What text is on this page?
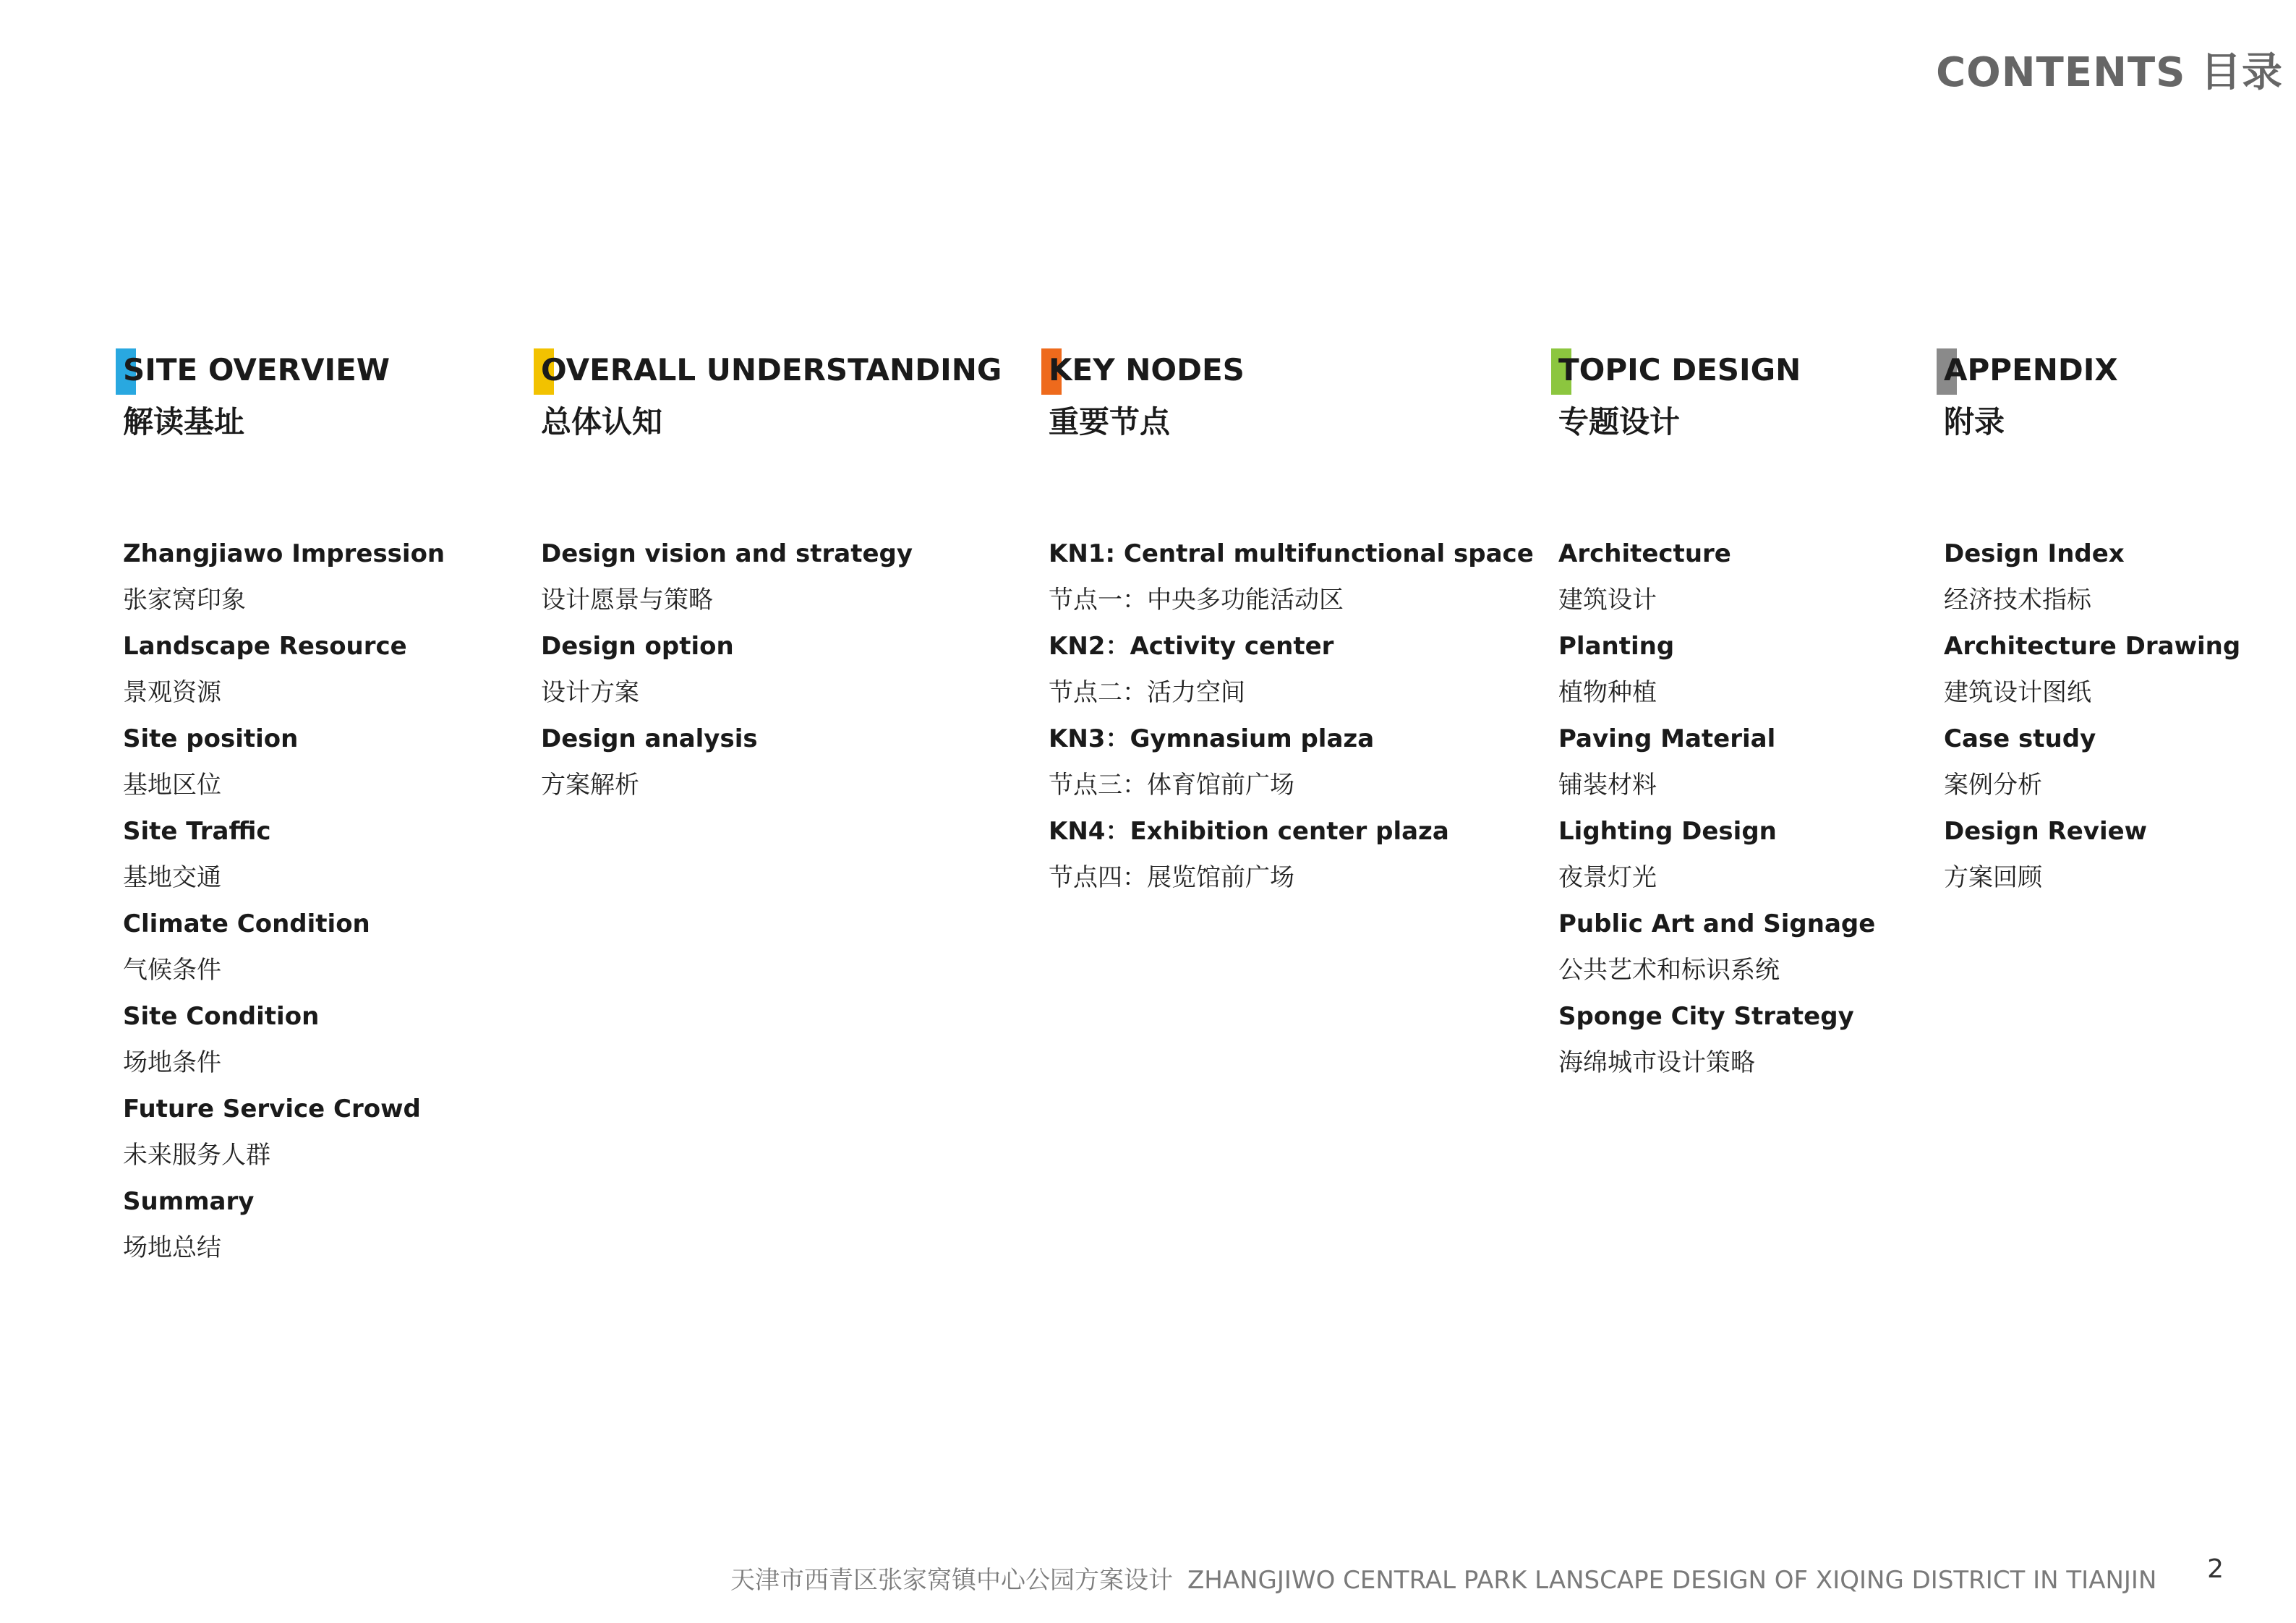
CONTENTS 目录
SITE OVERVIEW
解读基址
Zhangjiawo Impression
张家窝印象
Landscape Resource
景观资源
Site position
基地区位
Site Traffic
基地交通
Climate Condition
气候条件
Site Condition
场地条件
Future Service Crowd
未来服务人群
Summary
场地总结
OVERALL UNDERSTANDING
总体认知
Design vision and strategy
设计愿景与策略
Design option
设计方案
Design analysis
方案解析
KEY NODES
重要节点
KN1: Central multifunctional space
节点一：中央多功能活动区
KN2：Activity center
节点二：活力空间
KN3：Gymnasium plaza
节点三：体育馆前广场
KN4：Exhibition center plaza
节点四：展览馆前广场
TOPIC DESIGN
专题设计
Architecture
建筑设计
Planting
植物种植
Paving Material
铺装材料
Lighting Design
夜景灯光
Public Art and Signage
公共艺术和标识系统
Sponge City Strategy
海绵城市设计策略
APPENDIX
附录
Design Index
经济技术指标
Architecture Drawing
建筑设计图纸
Case study
案例分析
Design Review
方案回顾
天津市西青区张家窝镇中心公园方案设计 ZHANGJIWO CENTRAL PARK LANSCAPE DESIGN OF XIQING DISTRICT IN TIANJIN	2
